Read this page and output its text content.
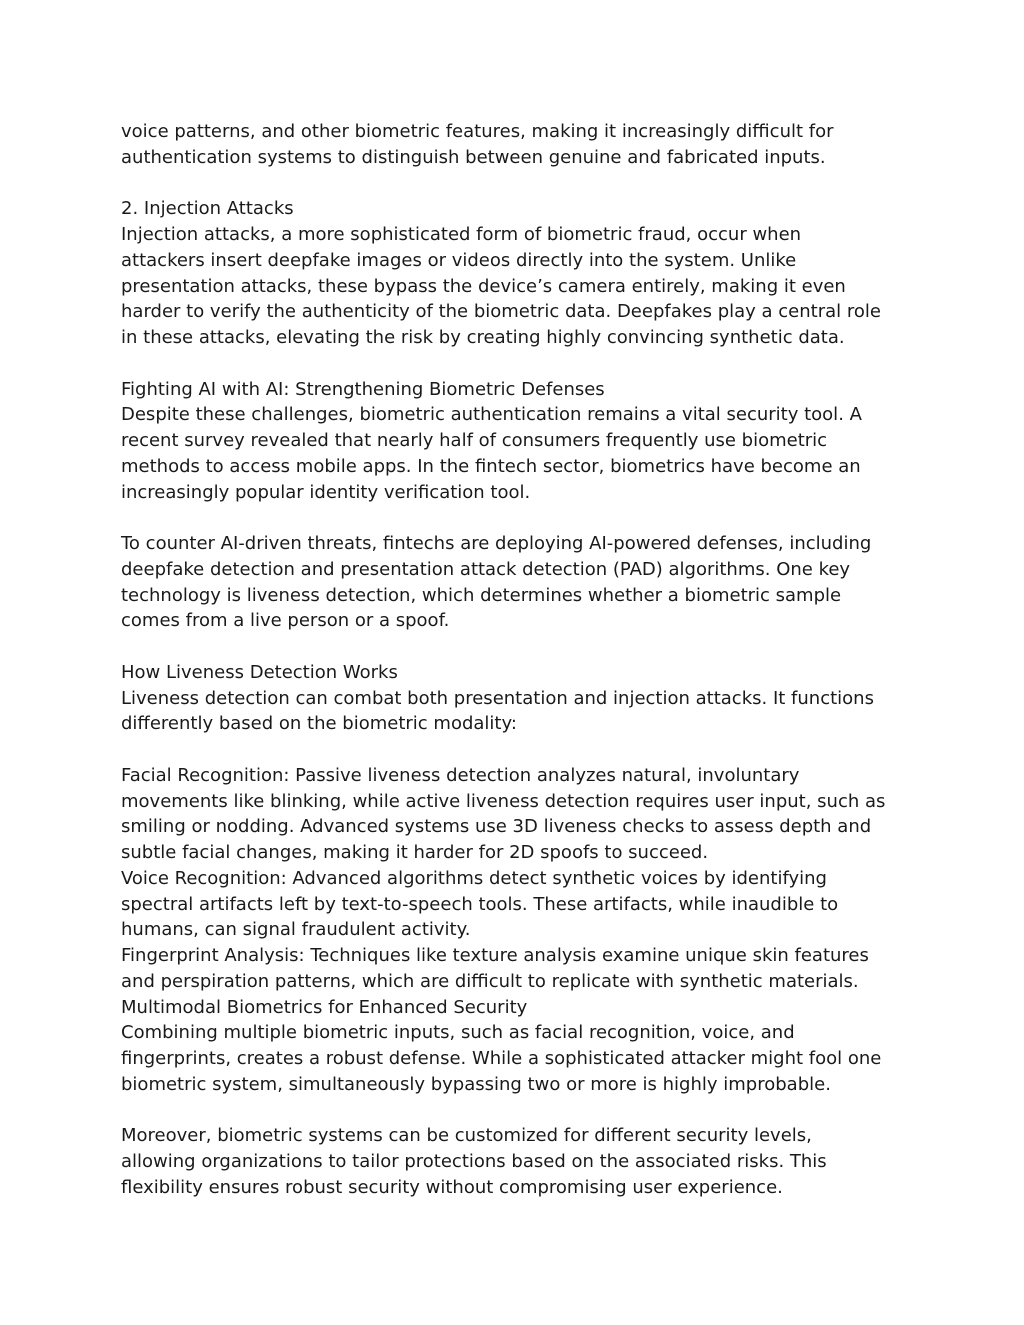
voice patterns, and other biometric features, making it increasingly difficult for
authentication systems to distinguish between genuine and fabricated inputs.
2. Injection Attacks
Injection attacks, a more sophisticated form of biometric fraud, occur when
attackers insert deepfake images or videos directly into the system. Unlike
presentation attacks, these bypass the device’s camera entirely, making it even
harder to verify the authenticity of the biometric data. Deepfakes play a central role
in these attacks, elevating the risk by creating highly convincing synthetic data.
Fighting AI with AI: Strengthening Biometric Defenses
Despite these challenges, biometric authentication remains a vital security tool. A
recent survey revealed that nearly half of consumers frequently use biometric
methods to access mobile apps. In the fintech sector, biometrics have become an
increasingly popular identity verification tool.
To counter AI-driven threats, fintechs are deploying AI-powered defenses, including
deepfake detection and presentation attack detection (PAD) algorithms. One key
technology is liveness detection, which determines whether a biometric sample
comes from a live person or a spoof.
How Liveness Detection Works
Liveness detection can combat both presentation and injection attacks. It functions
differently based on the biometric modality:
Facial Recognition: Passive liveness detection analyzes natural, involuntary
movements like blinking, while active liveness detection requires user input, such as
smiling or nodding. Advanced systems use 3D liveness checks to assess depth and
subtle facial changes, making it harder for 2D spoofs to succeed.
Voice Recognition: Advanced algorithms detect synthetic voices by identifying
spectral artifacts left by text-to-speech tools. These artifacts, while inaudible to
humans, can signal fraudulent activity.
Fingerprint Analysis: Techniques like texture analysis examine unique skin features
and perspiration patterns, which are difficult to replicate with synthetic materials.
Multimodal Biometrics for Enhanced Security
Combining multiple biometric inputs, such as facial recognition, voice, and
fingerprints, creates a robust defense. While a sophisticated attacker might fool one
biometric system, simultaneously bypassing two or more is highly improbable.
Moreover, biometric systems can be customized for different security levels,
allowing organizations to tailor protections based on the associated risks. This
flexibility ensures robust security without compromising user experience.
